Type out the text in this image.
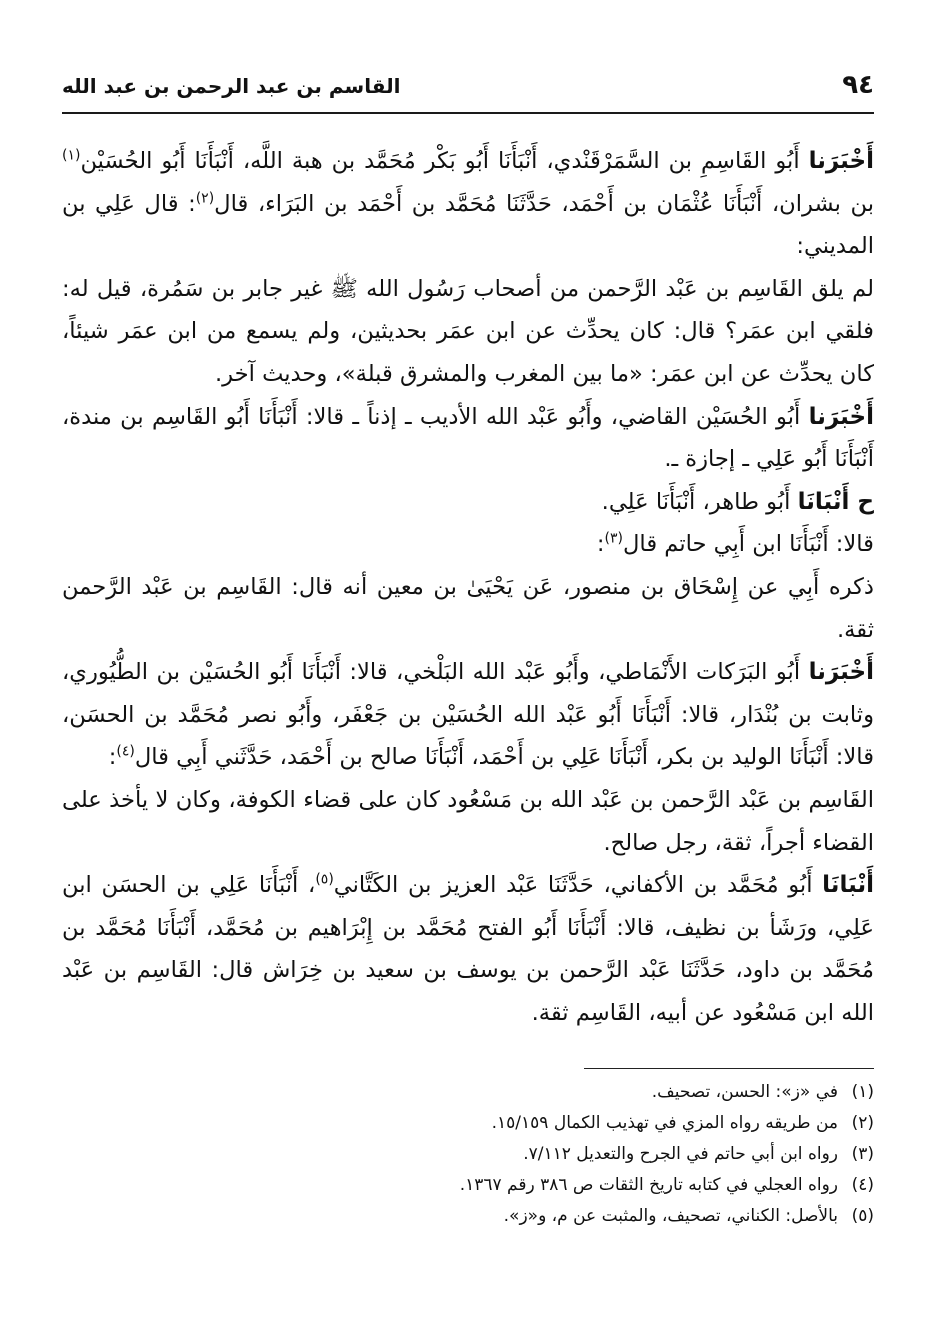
٩٤
القاسم بن عبد الرحمن بن عبد الله

أَخْبَرَنا أَبُو القَاسِمِ بن السَّمَرْقَنْدي، أَنْبَأَنَا أَبُو بَكْر مُحَمَّد بن هبة اللَّه، أَنْبَأَنَا أَبُو الحُسَيْن$^{(١)}$ بن بشران، أَنْبَأَنَا عُثْمَان بن أَحْمَد، حَدَّثَنَا مُحَمَّد بن أَحْمَد بن البَرَاء، قال$^{(٢)}$: قال عَلِي بن المديني:

لم يلق القَاسِم بن عَبْد الرَّحمن من أصحاب رَسُول الله ﷺ غير جابر بن سَمُرة، قيل له: فلقي ابن عمَر؟ قال: كان يحدِّث عن ابن عمَر بحديثين، ولم يسمع من ابن عمَر شيئاً، كان يحدِّث عن ابن عمَر: «ما بين المغرب والمشرق قبلة»، وحديث آخر.

أَخْبَرَنا أَبُو الحُسَيْن القاضي، وأَبُو عَبْد الله الأديب ـ إذناً ـ قالا: أَنْبَأَنَا أَبُو القَاسِم بن مندة، أَنْبَأَنَا أَبُو عَلِي ـ إجازة ـ.

ح أَنْبَانَا أَبُو طاهر، أَنْبَأَنَا عَلِي.

قالا: أَنْبَأَنَا ابن أَبِي حاتم قال$^{(٣)}$:

ذكره أَبِي عن إِسْحَاق بن منصور، عَن يَحْيَىٰ بن معين أنه قال: القَاسِم بن عَبْد الرَّحمن ثقة.

أَخْبَرَنا أَبُو البَرَكات الأَنْمَاطي، وأَبُو عَبْد الله البَلْخي، قالا: أَنْبَأَنَا أَبُو الحُسَيْن بن الطُّيُوري، وثابت بن بُنْدَار، قالا: أَنْبَأَنَا أَبُو عَبْد الله الحُسَيْن بن جَعْفَر، وأَبُو نصر مُحَمَّد بن الحسَن، قالا: أَنْبَأَنَا الوليد بن بكر، أَنْبَأَنَا عَلِي بن أَحْمَد، أَنْبَأَنَا صالح بن أَحْمَد، حَدَّثَني أَبِي قال$^{(٤)}$:

القَاسِم بن عَبْد الرَّحمن بن عَبْد الله بن مَسْعُود كان على قضاء الكوفة، وكان لا يأخذ على القضاء أجراً، ثقة، رجل صالح.

أَنْبَانَا أَبُو مُحَمَّد بن الأكفاني، حَدَّثَنَا عَبْد العزيز بن الكَتَّاني$^{(٥)}$، أَنْبَأَنَا عَلِي بن الحسَن ابن عَلِي، ورَشَأ بن نظيف، قالا: أَنْبَأَنَا أَبُو الفتح مُحَمَّد بن إِبْرَاهيم بن مُحَمَّد، أَنْبَأَنَا مُحَمَّد بن مُحَمَّد بن داود، حَدَّثَنَا عَبْد الرَّحمن بن يوسف بن سعيد بن خِرَاش قال: القَاسِم بن عَبْد الله ابن مَسْعُود عن أبيه، القَاسِم ثقة.

(١)
في «ز»: الحسن، تصحيف.
(٢)
من طريقه رواه المزي في تهذيب الكمال ١٥/١٥٩.
(٣)
رواه ابن أبي حاتم في الجرح والتعديل ٧/١١٢.
(٤)
رواه العجلي في كتابه تاريخ الثقات ص ٣٨٦ رقم ١٣٦٧.
(٥)
بالأصل: الكناني، تصحيف، والمثبت عن م، و«ز».
